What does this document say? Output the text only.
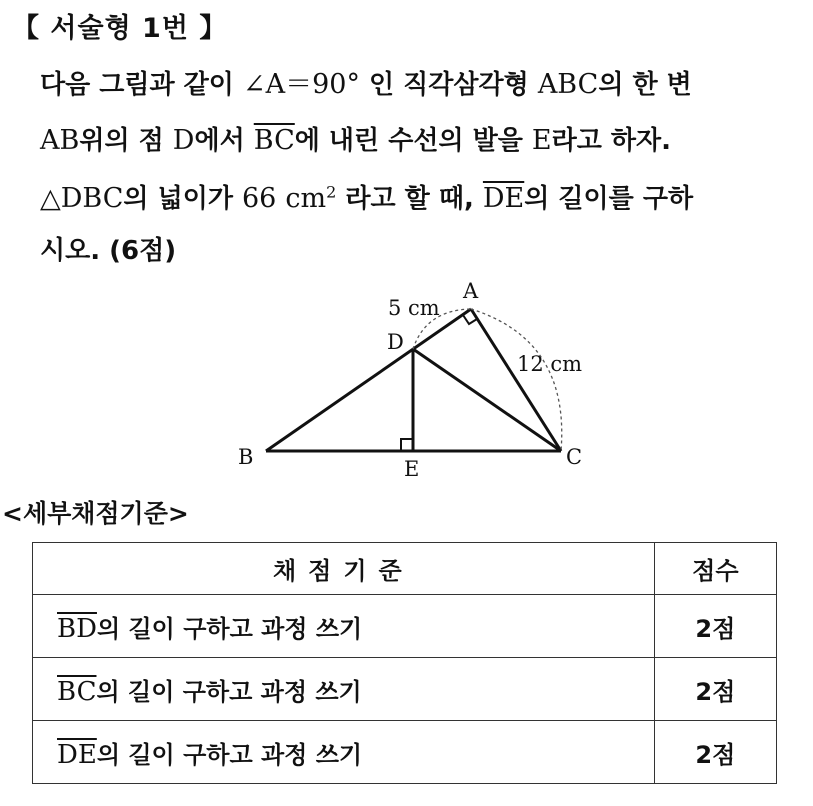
【 서술형 1번 】
다음 그림과 같이 ∠A＝90° 인 직각삼각형 ABC의 한 변
AB위의 점 D에서 $\overline{BC}$에 내린 수선의 발을 E라고 하자.
△DBC의 넓이가 66 $cm^2$ 라고 할 때, $\overline{DE}$의 길이를 구하
시오. (6점)
A
B	C
D
E
5 cm
12 cm
<세부채점기준>
채점기준	점수
$\overline{BD}$의 길이 구하고 과정 쓰기	2점
$\overline{BC}$의 길이 구하고 과정 쓰기	2점
$\overline{DE}$의 길이 구하고 과정 쓰기	2점
